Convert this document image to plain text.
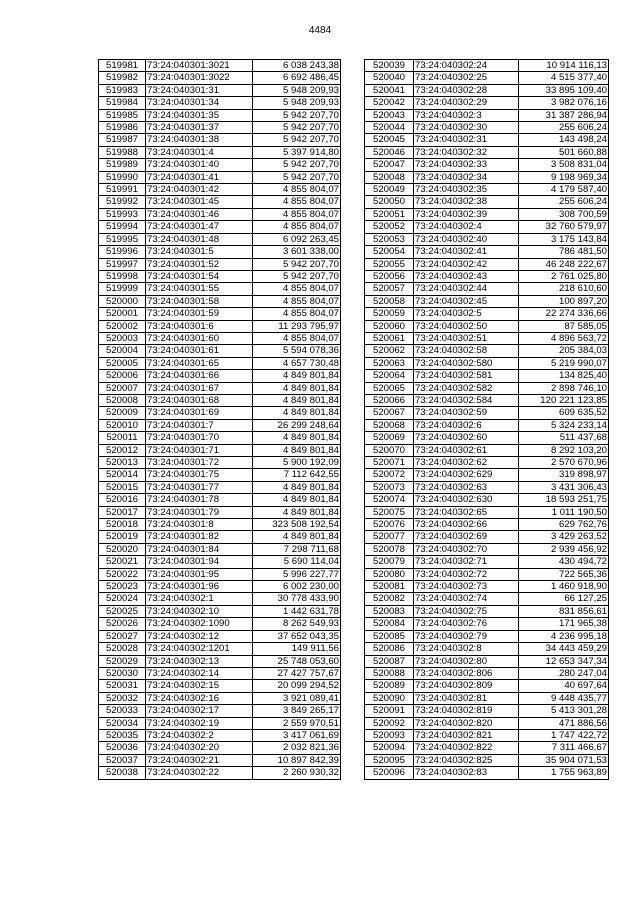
4484
519981	73:24:040301:3021	6 038 243,38
519982	73:24:040301:3022	6 692 486,45
519983	73:24:040301:31	5 948 209,93
519984	73:24:040301:34	5 948 209,93
519985	73:24:040301:35	5 942 207,70
519986	73:24:040301:37	5 942 207,70
519987	73:24:040301:38	5 942 207,70
519988	73:24:040301:4	5 397 914,80
519989	73:24:040301:40	5 942 207,70
519990	73:24:040301:41	5 942 207,70
519991	73:24:040301:42	4 855 804,07
519992	73:24:040301:45	4 855 804,07
519993	73:24:040301:46	4 855 804,07
519994	73:24:040301:47	4 855 804,07
519995	73:24:040301:48	6 092 263,45
519996	73:24:040301:5	3 601 338,00
519997	73:24:040301:52	5 942 207,70
519998	73:24:040301:54	5 942 207,70
519999	73:24:040301:55	4 855 804,07
520000	73:24:040301:58	4 855 804,07
520001	73:24:040301:59	4 855 804,07
520002	73:24:040301:6	11 293 795,97
520003	73:24:040301:60	4 855 804,07
520004	73:24:040301:61	5 594 078,36
520005	73:24:040301:65	4 657 730,48
520006	73:24:040301:66	4 849 801,84
520007	73:24:040301:67	4 849 801,84
520008	73:24:040301:68	4 849 801,84
520009	73:24:040301:69	4 849 801,84
520010	73:24:040301:7	26 299 248,64
520011	73:24:040301:70	4 849 801,84
520012	73:24:040301:71	4 849 801,84
520013	73:24:040301:72	5 900 192,09
520014	73:24:040301:75	7 112 642,55
520015	73:24:040301:77	4 849 801,84
520016	73:24:040301:78	4 849 801,84
520017	73:24:040301:79	4 849 801,84
520018	73:24:040301:8	323 508 192,54
520019	73:24:040301:82	4 849 801,84
520020	73:24:040301:84	7 298 711,68
520021	73:24:040301:94	5 690 114,04
520022	73:24:040301:95	5 996 227,77
520023	73:24:040301:96	6 002 230,00
520024	73:24:040302:1	30 778 433,90
520025	73:24:040302:10	1 442 631,78
520026	73:24:040302:1090	8 262 549,93
520027	73:24:040302:12	37 652 043,35
520028	73:24:040302:1201	149 911,56
520029	73:24:040302:13	25 748 053,60
520030	73:24:040302:14	27 427 757,67
520031	73:24:040302:15	20 099 294,52
520032	73:24:040302:16	3 921 089,41
520033	73:24:040302:17	3 849 265,17
520034	73:24:040302:19	2 559 970,51
520035	73:24:040302:2	3 417 061,69
520036	73:24:040302:20	2 032 821,36
520037	73:24:040302:21	10 897 842,39
520038	73:24:040302:22	2 260 930,32
520039	73:24:040302:24	10 914 116,13
520040	73:24:040302:25	4 515 377,40
520041	73:24:040302:28	33 895 109,40
520042	73:24:040302:29	3 982 076,16
520043	73:24:040302:3	31 387 286,94
520044	73:24:040302:30	255 606,24
520045	73:24:040302:31	143 498,24
520046	73:24:040302:32	501 660,88
520047	73:24:040302:33	3 508 831,04
520048	73:24:040302:34	9 198 969,34
520049	73:24:040302:35	4 179 587,40
520050	73:24:040302:38	255 606,24
520051	73:24:040302:39	308 700,59
520052	73:24:040302:4	32 760 579,97
520053	73:24:040302:40	3 175 143,84
520054	73:24:040302:41	786 481,50
520055	73:24:040302:42	46 248 222,67
520056	73:24:040302:43	2 761 025,80
520057	73:24:040302:44	218 610,60
520058	73:24:040302:45	100 897,20
520059	73:24:040302:5	22 274 336,66
520060	73:24:040302:50	87 585,05
520061	73:24:040302:51	4 896 563,72
520062	73:24:040302:58	205 384,03
520063	73:24:040302:580	5 219 990,07
520064	73:24:040302:581	134 825,40
520065	73:24:040302:582	2 898 746,10
520066	73:24:040302:584	120 221 123,85
520067	73:24:040302:59	609 635,52
520068	73:24:040302:6	5 324 233,14
520069	73:24:040302:60	511 437,68
520070	73:24:040302:61	8 292 103,20
520071	73:24:040302:62	2 570 670,96
520072	73:24:040302:629	319 898,97
520073	73:24:040302:63	3 431 306,43
520074	73:24:040302:630	18 593 251,75
520075	73:24:040302:65	1 011 190,50
520076	73:24:040302:66	629 762,76
520077	73:24:040302:69	3 429 263,52
520078	73:24:040302:70	2 939 456,92
520079	73:24:040302:71	430 494,72
520080	73:24:040302:72	722 565,36
520081	73:24:040302:73	1 460 918,90
520082	73:24:040302:74	66 127,25
520083	73:24:040302:75	831 856,61
520084	73:24:040302:76	171 965,38
520085	73:24:040302:79	4 236 995,18
520086	73:24:040302:8	34 443 459,29
520087	73:24:040302:80	12 653 347,34
520088	73:24:040302:806	280 247,04
520089	73:24:040302:809	40 697,64
520090	73:24:040302:81	9 448 435,77
520091	73:24:040302:819	5 413 301,28
520092	73:24:040302:820	471 886,56
520093	73:24:040302:821	1 747 422,72
520094	73:24:040302:822	7 311 466,67
520095	73:24:040302:825	35 904 071,53
520096	73:24:040302:83	1 755 963,89
